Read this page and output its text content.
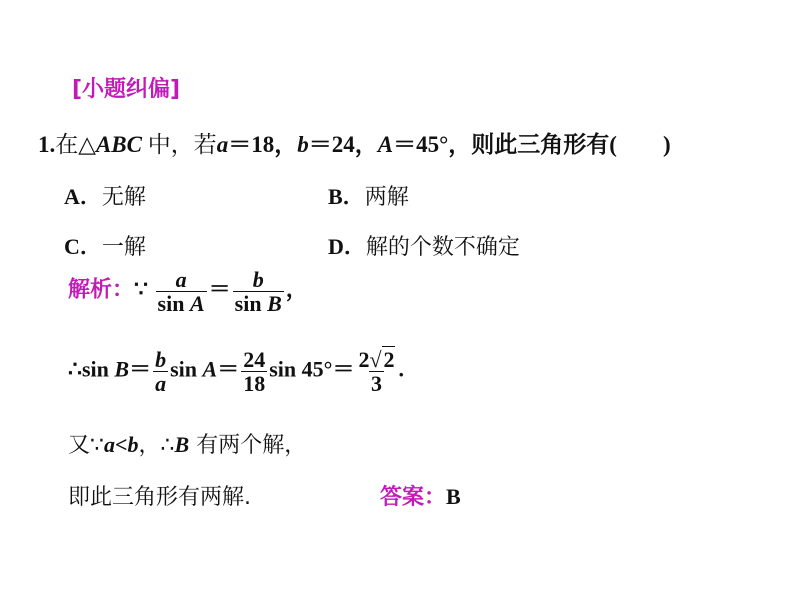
[小题纠偏]
1.在△ABC 中，若a＝18，b＝24，A＝45°，则此三角形有(　　)
A．无解	B．两解
C．一解	D．解的个数不确定
解析：∵ $\frac{a}{\text{sin A}} = \frac{b}{\text{sin B}}$ ，
∴sin $B= \frac{b}{a}$ $\sin A= \frac{24}{18}$ $\sin 45^\circ= \frac{2√2}{3}$ .
又∵a<b，∴B 有两个解，
即此三角形有两解.	答案：B
